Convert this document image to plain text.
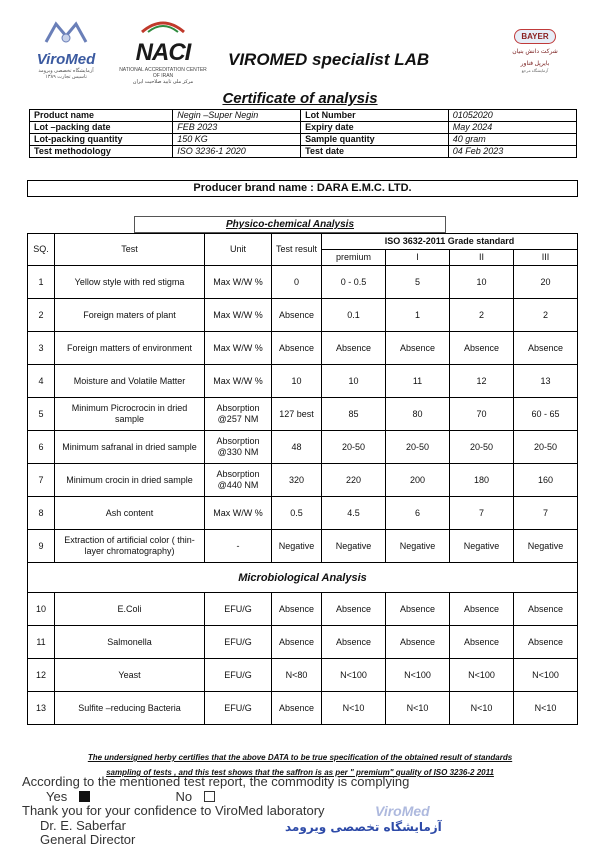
ViroMed
آزمایشگاه تخصصی ویرومد
تاسیس تجارت ۱۳۸۹
NACI
NATIONAL ACCREDITATION CENTER OF IRAN
مرکز ملی تایید صلاحیت ایران
VIROMED specialist LAB
BAYER
شرکت دانش بنیان
بایرپل فناور
آزمایشگاه مرجع
Certificate of analysis
Product name	Negin –Super Negin	Lot Number	01052020
Lot –packing date	FEB 2023	Expiry date	May 2024
Lot-packing quantity	150 KG	Sample quantity	40 gram
Test methodology	ISO 3236-1 2020	Test date	04 Feb 2023
Producer brand name : DARA E.M.C. LTD.
Physico-chemical Analysis
SQ.	Test	Unit	Test result	ISO 3632-2011 Grade standard			
				premium	I	II	III
1	Yellow style with red stigma	Max W/W %	0	0 - 0.5	5	10	20
2	Foreign maters of plant	Max W/W %	Absence	0.1	1	2	2
3	Foreign matters of environment	Max W/W %	Absence	Absence	Absence	Absence	Absence
4	Moisture and Volatile Matter	Max W/W %	10	10	11	12	13
5	Minimum Picrocrocin in dried sample	Absorption @257 NM	127 best	85	80	70	60 - 65
6	Minimum safranal in dried sample	Absorption @330 NM	48	20-50	20-50	20-50	20-50
7	Minimum crocin in dried sample	Absorption @440 NM	320	220	200	180	160
8	Ash content	Max W/W %	0.5	4.5	6	7	7
9	Extraction of artificial color ( thin-layer chromatography)	-	Negative	Negative	Negative	Negative	Negative
Microbiological Analysis							
10	E.Coli	EFU/G	Absence	Absence	Absence	Absence	Absence
11	Salmonella	EFU/G	Absence	Absence	Absence	Absence	Absence
12	Yeast	EFU/G	N<80	N<100	N<100	N<100	N<100
13	Sulfite –reducing Bacteria	EFU/G	Absence	N<10	N<10	N<10	N<10
The undersigned herby certifies that the above DATA to be true specification of the obtained result of standards
sampling of tests , and this test shows that the saffron is as per " premium" quality of ISO 3236-2 2011
According to the mentioned test report, the commodity is complying
Yes	No
Thank you for your confidence to ViroMed laboratory
Dr. E. Saberfar
General Director
ViroMed
آزمایشگاه تخصصی ویرومد
